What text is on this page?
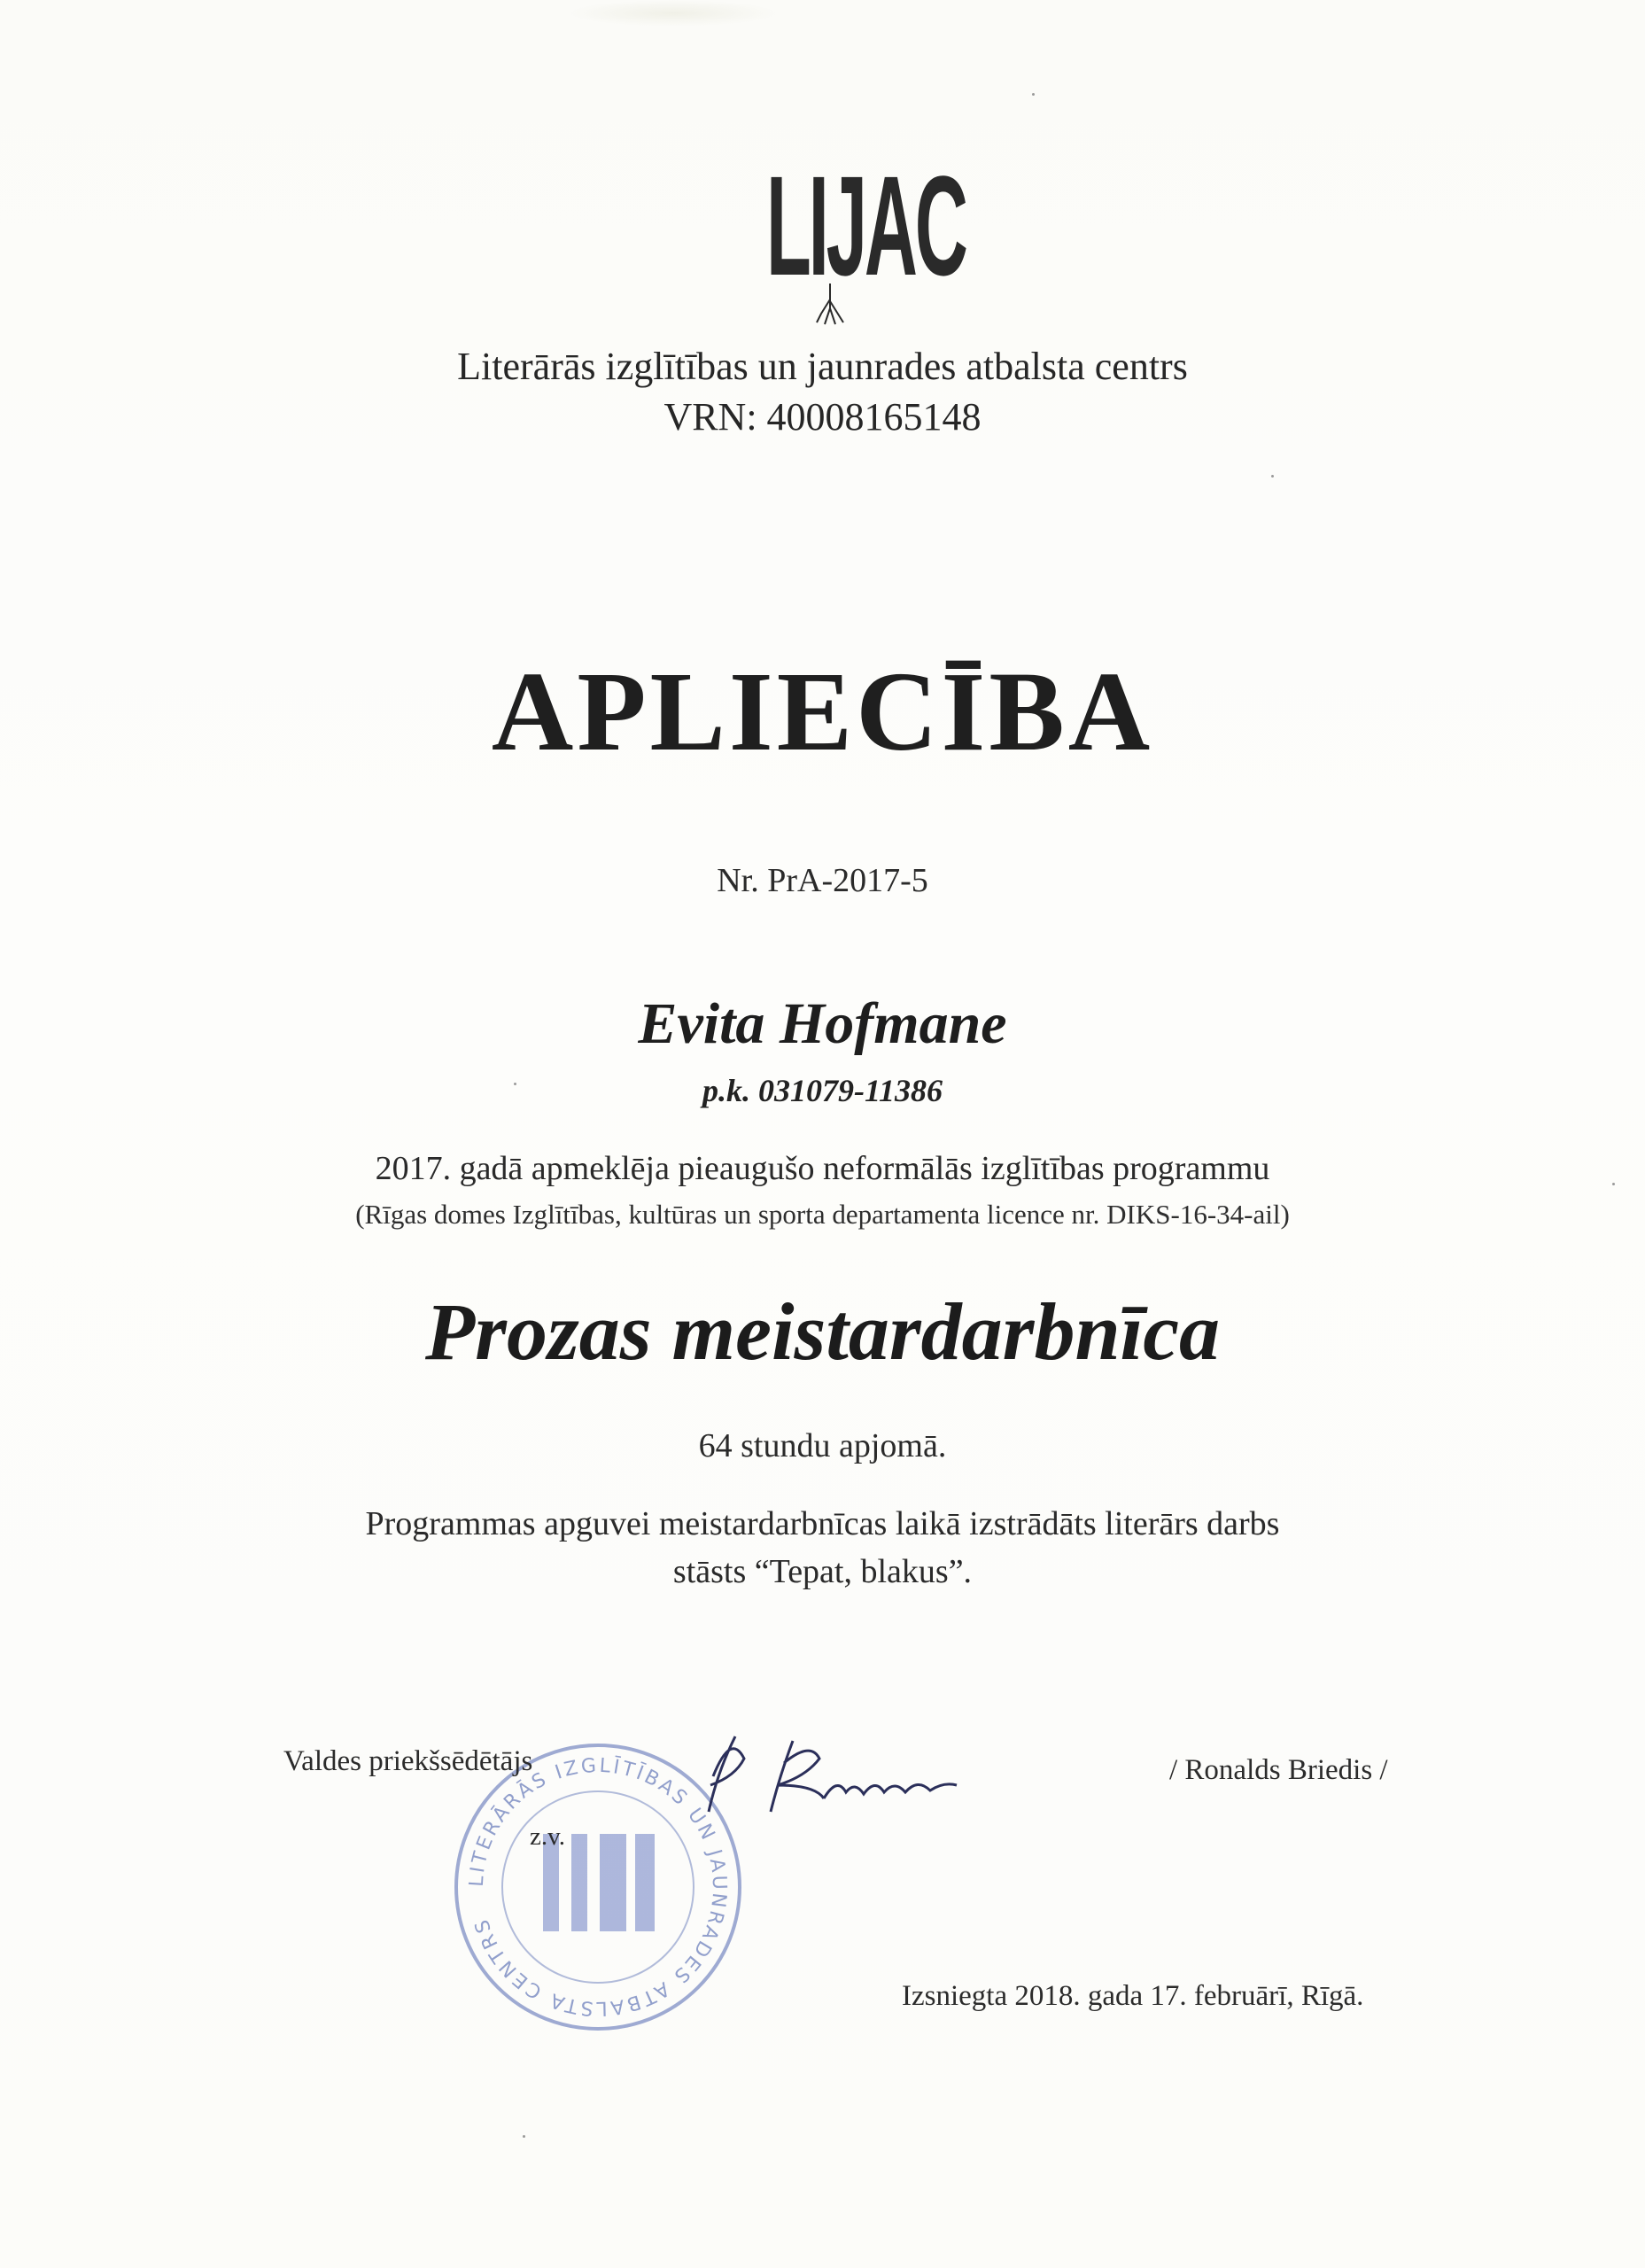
LIJAC
Literārās izglītības un jaunrades atbalsta centrs
VRN: 40008165148
APLIECĪBA
Nr. PrA-2017-5
Evita Hofmane
p.k. 031079-11386
2017. gadā apmeklēja pieaugušo neformālās izglītības programmu
(Rīgas domes Izglītības, kultūras un sporta departamenta licence nr. DIKS-16-34-ail)
Prozas meistardarbnīca
64 stundu apjomā.
Programmas apguvei meistardarbnīcas laikā izstrādāts literārs darbs
stāsts “Tepat, blakus”.
LITERĀRĀS IZGLĪTĪBAS UN JAUNRADES ATBALSTA CENTRS
Valdes priekšsēdētājs
z.v.
/ Ronalds Briedis /
Izsniegta 2018. gada 17. februārī, Rīgā.
